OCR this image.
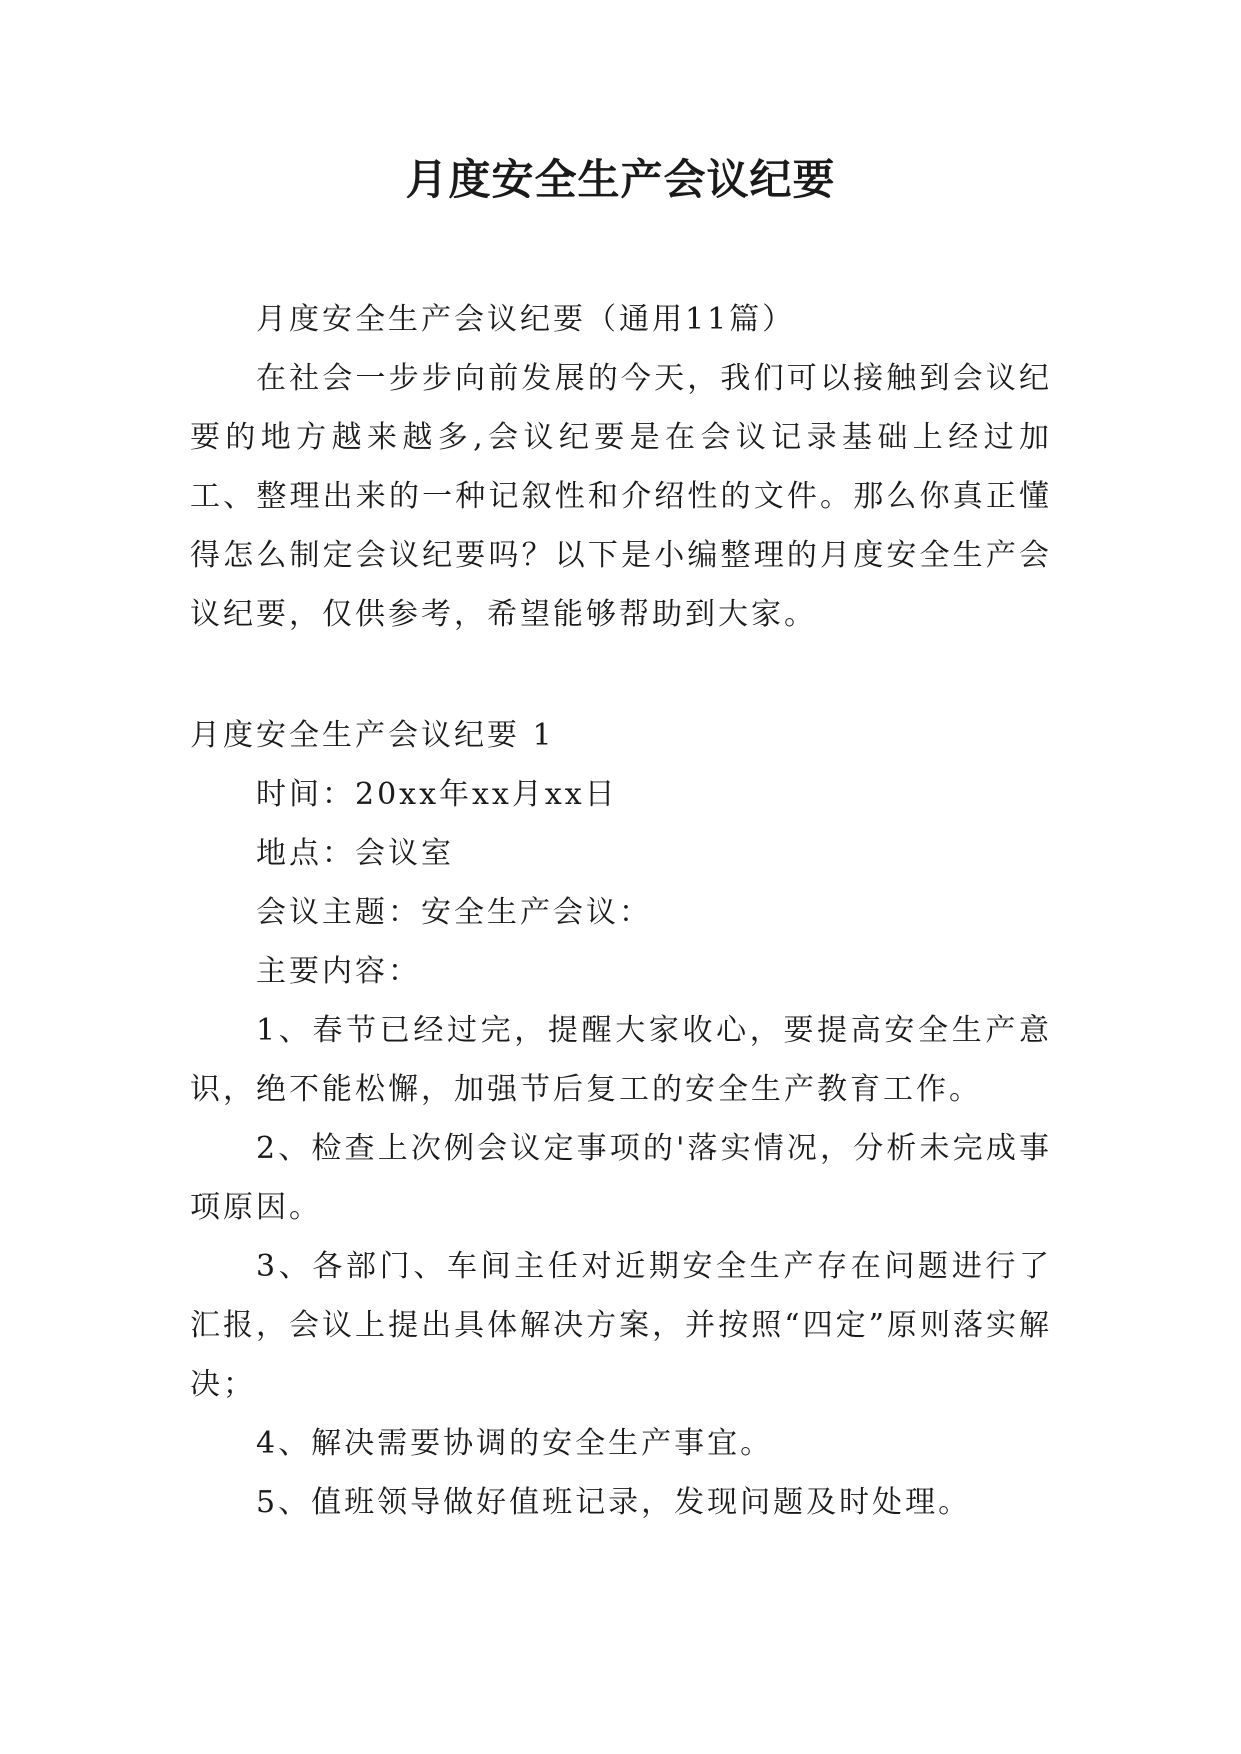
月度安全生产会议纪要

月度安全生产会议纪要（通用11篇）

在社会一步步向前发展的今天，我们可以接触到会议纪要的地方越来越多,会议纪要是在会议记录基础上经过加工、整理出来的一种记叙性和介绍性的文件。那么你真正懂得怎么制定会议纪要吗？以下是小编整理的月度安全生产会议纪要，仅供参考，希望能够帮助到大家。

月度安全生产会议纪要 1

时间：20xx年xx月xx日

地点：会议室

会议主题：安全生产会议：

主要内容：

1、春节已经过完，提醒大家收心，要提高安全生产意识，绝不能松懈，加强节后复工的安全生产教育工作。

2、检查上次例会议定事项的'落实情况，分析未完成事项原因。

3、各部门、车间主任对近期安全生产存在问题进行了汇报，会议上提出具体解决方案，并按照“四定”原则落实解决；

4、解决需要协调的安全生产事宜。

5、值班领导做好值班记录，发现问题及时处理。
